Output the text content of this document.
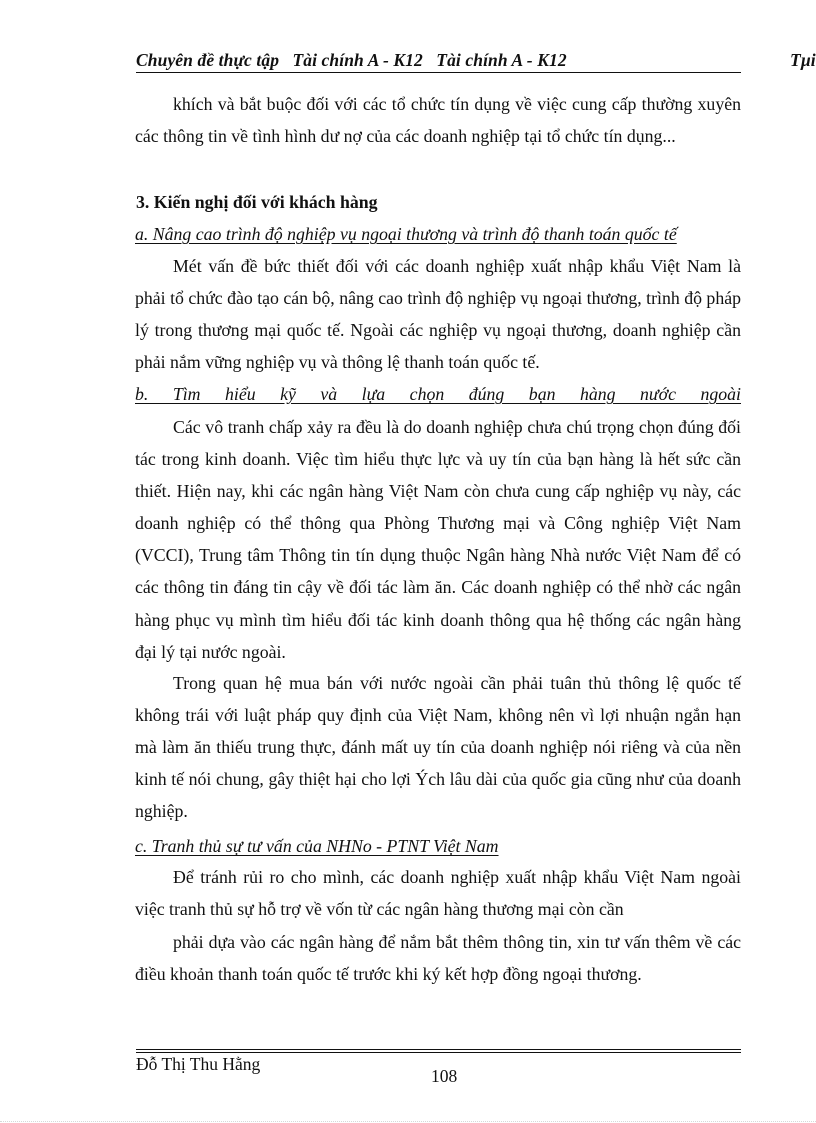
Chuyên đề thực tập   Tài chính A - K12   Tài chính A - K12	Tµi

khích và bắt buộc đối với các tổ chức tín dụng về việc cung cấp thường xuyên các thông tin về tình hình dư nợ của các doanh nghiệp tại tổ chức tín dụng...

3. Kiến nghị đối với khách hàng
a. Nâng cao trình độ nghiệp vụ ngoại thương và trình độ thanh toán quốc tế

Mét vấn đề bức thiết đối với các doanh nghiệp xuất nhập khẩu Việt Nam là phải tổ chức đào tạo cán bộ, nâng cao trình độ nghiệp vụ ngoại thương, trình độ pháp lý trong thương mại quốc tế. Ngoài các nghiệp vụ ngoại thương, doanh nghiệp cần phải nắm vững nghiệp vụ và thông lệ thanh toán quốc tế.

b. Tìm hiểu kỹ và lựa chọn đúng bạn hàng nước ngoài

Các vô tranh chấp xảy ra đều là do doanh nghiệp chưa chú trọng chọn đúng đối tác trong kinh doanh. Việc tìm hiểu thực lực và uy tín của bạn hàng là hết sức cần thiết. Hiện nay, khi các ngân hàng Việt Nam còn chưa cung cấp nghiệp vụ này, các doanh nghiệp có thể thông qua Phòng Thương mại và Công nghiệp Việt Nam (VCCI), Trung tâm Thông tin tín dụng thuộc Ngân hàng Nhà nước Việt Nam để có các thông tin đáng tin cậy về đối tác làm ăn. Các doanh nghiệp có thể nhờ các ngân hàng phục vụ mình tìm hiểu đối tác kinh doanh thông qua hệ thống các ngân hàng đại lý tại nước ngoài.

Trong quan hệ mua bán với nước ngoài cần phải tuân thủ thông lệ quốc tế không trái với luật pháp quy định của Việt Nam, không nên vì lợi nhuận ngắn hạn mà làm ăn thiếu trung thực, đánh mất uy tín của doanh nghiệp nói riêng và của nền kinh tế nói chung, gây thiệt hại cho lợi Ých lâu dài của quốc gia cũng như của doanh nghiệp.

c. Tranh thủ sự tư vấn của NHNo - PTNT Việt Nam

Để tránh rủi ro cho mình, các doanh nghiệp xuất nhập khẩu Việt Nam ngoài việc tranh thủ sự hỗ trợ về vốn từ các ngân hàng thương mại còn cần

phải dựa vào các ngân hàng để nắm bắt thêm thông tin, xin tư vấn thêm về các điều khoản thanh toán quốc tế trước khi ký kết hợp đồng ngoại thương.

Đỗ Thị Thu Hằng
108
